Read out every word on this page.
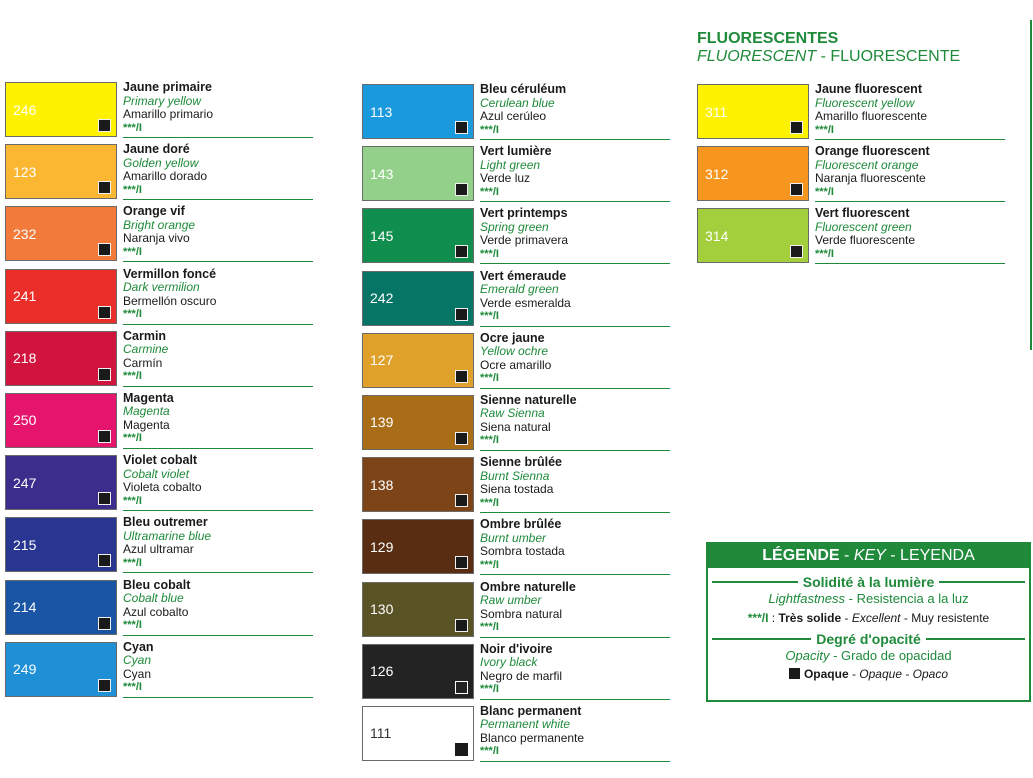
FLUORESCENTES
FLUORESCENT - FLUORESCENTE
246
Jaune primaire
Primary yellow
Amarillo primario
***/I
123
Jaune doré
Golden yellow
Amarillo dorado
***/I
232
Orange vif
Bright orange
Naranja vivo
***/I
241
Vermillon foncé
Dark vermilion
Bermellón oscuro
***/I
218
Carmin
Carmine
Carmín
***/I
250
Magenta
Magenta
Magenta
***/I
247
Violet cobalt
Cobalt violet
Violeta cobalto
***/I
215
Bleu outremer
Ultramarine blue
Azul ultramar
***/I
214
Bleu cobalt
Cobalt blue
Azul cobalto
***/I
249
Cyan
Cyan
Cyan
***/I
113
Bleu céruléum
Cerulean blue
Azul cerúleo
***/I
143
Vert lumière
Light green
Verde luz
***/I
145
Vert printemps
Spring green
Verde primavera
***/I
242
Vert émeraude
Emerald green
Verde esmeralda
***/I
127
Ocre jaune
Yellow ochre
Ocre amarillo
***/I
139
Sienne naturelle
Raw Sienna
Siena natural
***/I
138
Sienne brûlée
Burnt Sienna
Siena tostada
***/I
129
Ombre brûlée
Burnt umber
Sombra tostada
***/I
130
Ombre naturelle
Raw umber
Sombra natural
***/I
126
Noir d'ivoire
Ivory black
Negro de marfil
***/I
111
Blanc permanent
Permanent white
Blanco permanente
***/I
311
Jaune fluorescent
Fluorescent yellow
Amarillo fluorescente
***/I
312
Orange fluorescent
Fluorescent orange
Naranja fluorescente
***/I
314
Vert fluorescent
Fluorescent green
Verde fluorescente
***/I
LÉGENDE - KEY - LEYENDA
Solidité à la lumière
Lightfastness - Resistencia a la luz
***/I : Très solide - Excellent - Muy resistente
Degré d'opacité
Opacity - Grado de opacidad
Opaque - Opaque - Opaco
